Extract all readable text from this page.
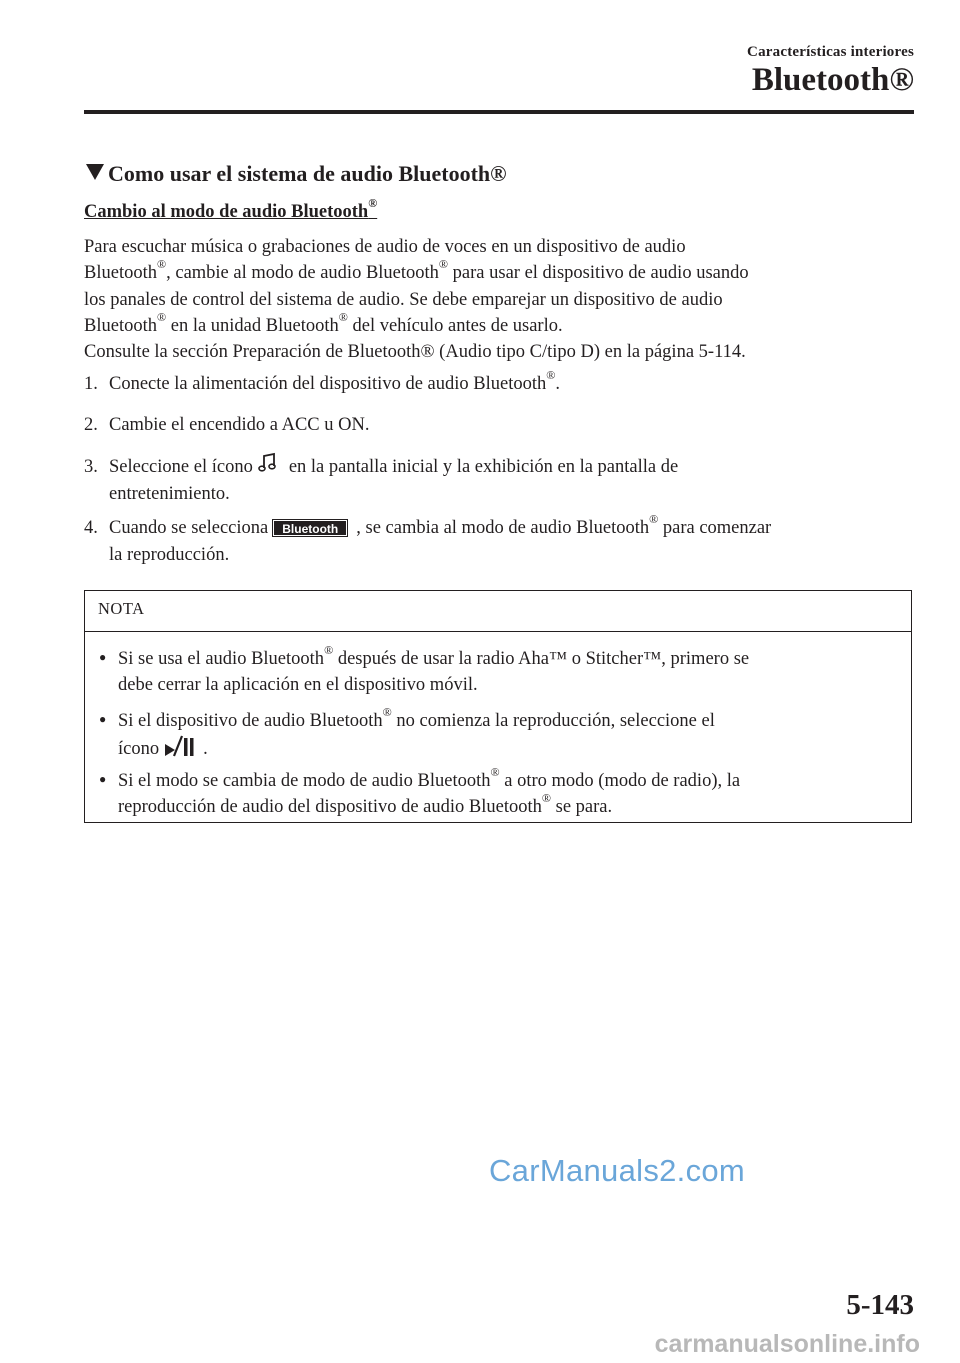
Características interiores
Bluetooth®
Como usar el sistema de audio Bluetooth®
Cambio al modo de audio Bluetooth®
Para escuchar música o grabaciones de audio de voces en un dispositivo de audio
Bluetooth®, cambie al modo de audio Bluetooth® para usar el dispositivo de audio usando
los panales de control del sistema de audio. Se debe emparejar un dispositivo de audio
Bluetooth® en la unidad Bluetooth® del vehículo antes de usarlo.
Consulte la sección Preparación de Bluetooth® (Audio tipo C/tipo D) en la página 5-114.
1. Conecte la alimentación del dispositivo de audio Bluetooth®.
2. Cambie el encendido a ACC u ON.
3. Seleccione el ícono en la pantalla inicial y la exhibición en la pantalla de
entretenimiento.
4. Cuando se selecciona Bluetooth , se cambia al modo de audio Bluetooth® para comenzar
la reproducción.
NOTA
● Si se usa el audio Bluetooth® después de usar la radio Aha™ o Stitcher™, primero se
debe cerrar la aplicación en el dispositivo móvil.
● Si el dispositivo de audio Bluetooth® no comienza la reproducción, seleccione el
ícono .
● Si el modo se cambia de modo de audio Bluetooth® a otro modo (modo de radio), la
reproducción de audio del dispositivo de audio Bluetooth® se para.
CarManuals2.com
5-143
carmanualsonline.info
